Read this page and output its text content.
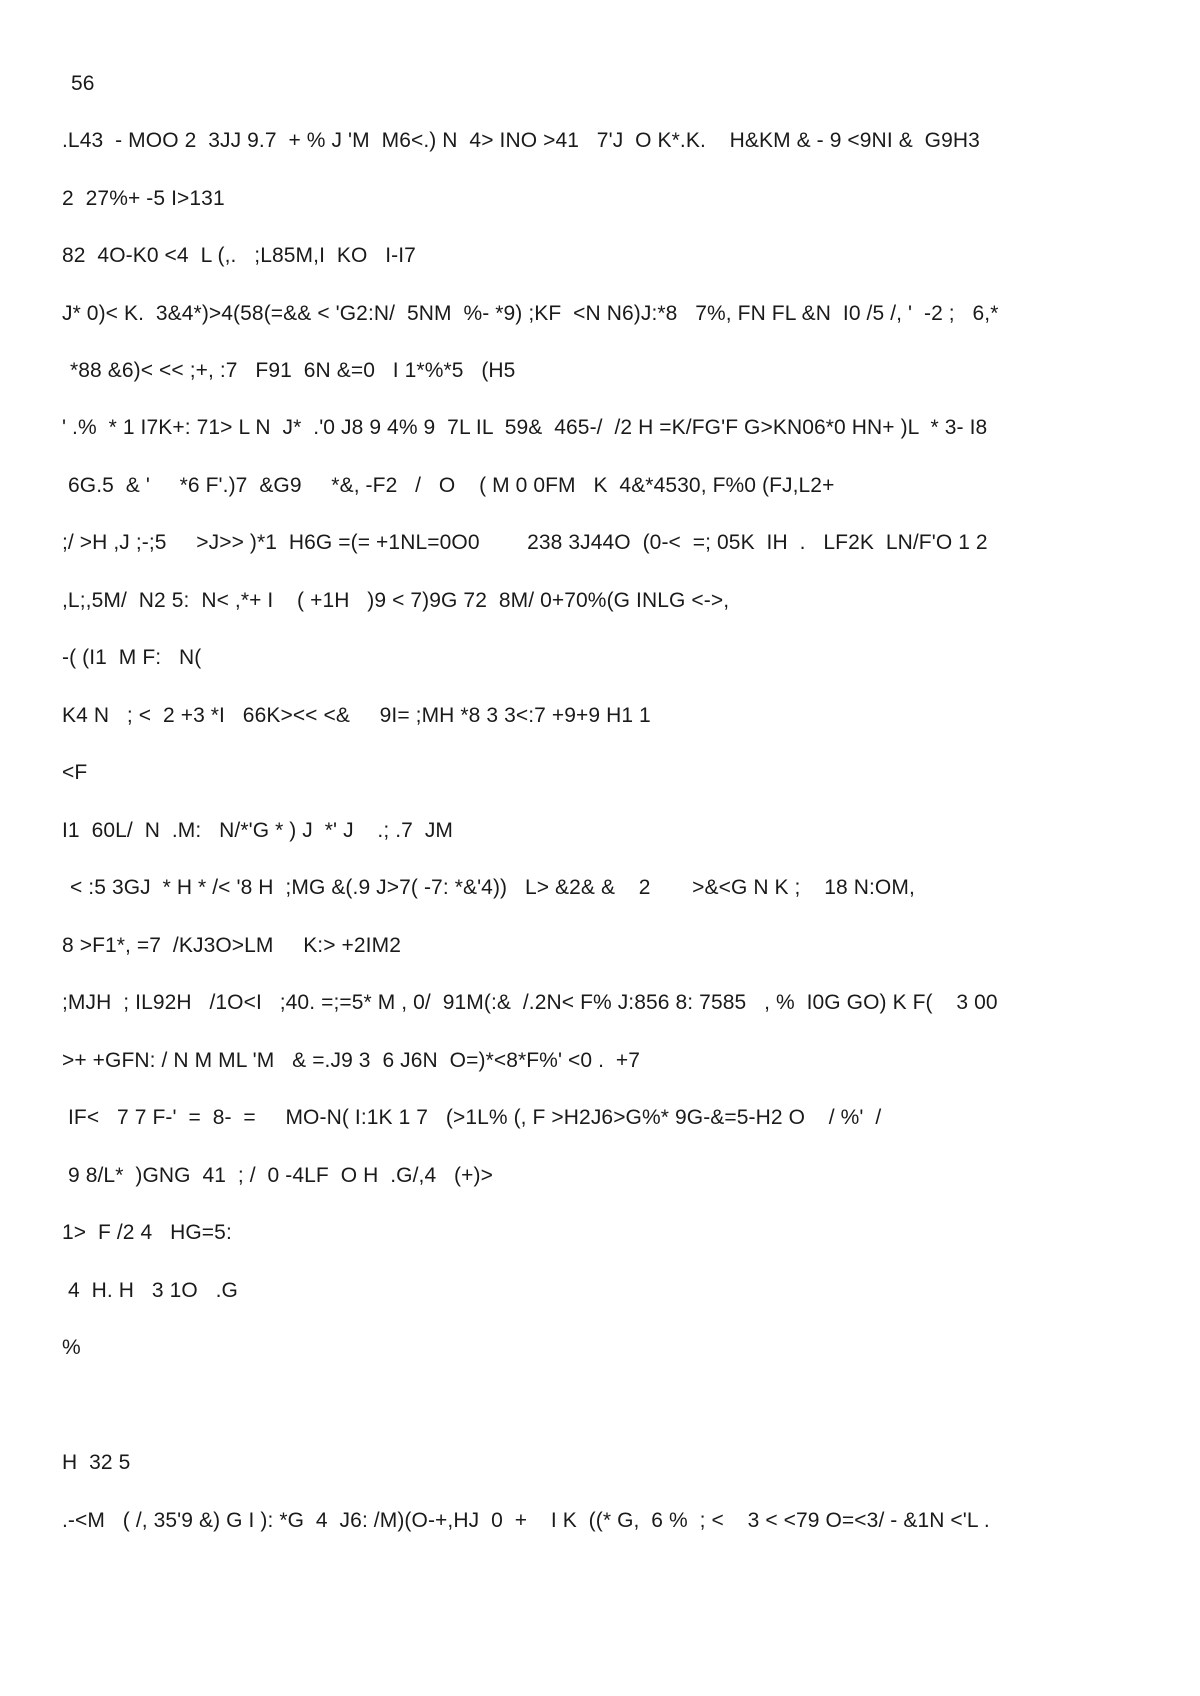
56
.L43  - MOO 2  3JJ 9.7  + % J 'M  M6<.) N  4> INO >41   7'J  O K*.K.    H&KM & - 9 <9NI &  G9H3
2  27%+ -5 I>131
82  4O-K0 <4  L (,.   ;L85M,I  KO   I-I7
J* 0)< K.  3&4*)>4(58(=&& < 'G2:N/  5NM  %- *9) ;KF  <N N6)J:*8   7%, FN FL &N  I0 /5 /, '  -2 ;   6,*
*88 &6)< << ;+, :7   F91  6N &=0   I 1*%*5   (H5
' .%  * 1 I7K+: 71> L N  J*  .'0 J8 9 4% 9  7L IL  59&  465-/  /2 H =K/FG'F G>KN06*0 HN+ )L  * 3- I8
6G.5  & '     *6 F'.)7  &G9     *&, -F2   /   O    ( M 0 0FM   K  4&*4530, F%0 (FJ,L2+
;/ >H ,J ;-;5     >J>> )*1  H6G =(= +1NL=0O0        238 3J44O  (0-<  =; 05K  IH  .   LF2K  LN/F'O 1 2
,L;,5M/  N2 5:  N< ,*+ I    ( +1H   )9 < 7)9G 72  8M/ 0+70%(G INLG <->,
-( (I1  M F:   N(
K4 N   ; <  2 +3 *I   66K><< <&     9I= ;MH *8 3 3<:7 +9+9 H1 1
<F
I1  60L/  N  .M:   N/*'G * ) J  *' J    .; .7  JM
< :5 3GJ  * H * /< '8 H  ;MG &(.9 J>7( -7: *&'4))   L> &2& &    2       >&<G N K ;    18 N:OM,
8 >F1*, =7  /KJ3O>LM     K:> +2IM2
;MJH  ; IL92H   /1O<I   ;40. =;=5* M , 0/  91M(:&  /.2N< F% J:856 8: 7585   , %  I0G GO) K F(    3 00
>+ +GFN: / N M ML 'M   & =.J9 3  6 J6N  O=)*<8*F%' <0 .  +7
IF<   7 7 F-'  =  8-  =     MO-N( I:1K 1 7   (>1L% (, F >H2J6>G%* 9G-&=5-H2 O    / %'  /
9 8/L*  )GNG  41  ; /  0 -4LF  O H  .G/,4   (+)>
1>  F /2 4   HG=5:
4  H. H   3 1O   .G
%
H  32 5
.-<M   ( /, 35'9 &) G I ): *G  4  J6: /M)(O-+,HJ  0  +    I K  ((* G,  6 %  ; <    3 < <79 O=<3/ - &1N <'L .
